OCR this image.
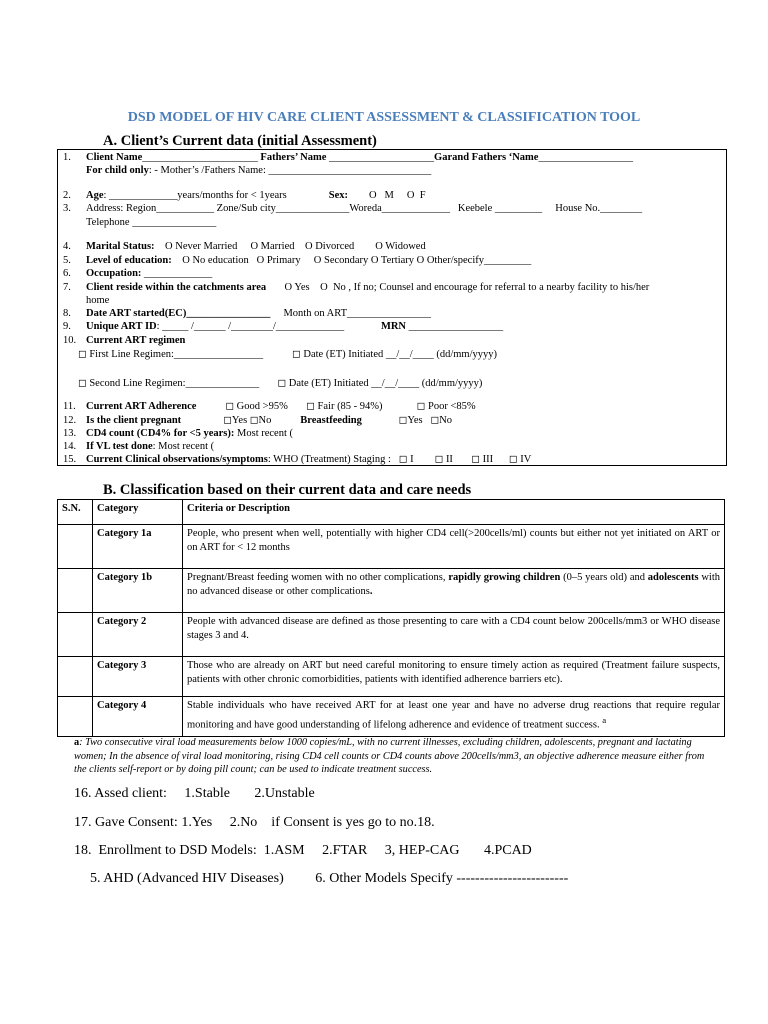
DSD MODEL OF HIV CARE CLIENT ASSESSMENT & CLASSIFICATION TOOL
A. Client’s Current data (initial Assessment)
1. Client Name______________________ Fathers’ Name ____________________Garand Fathers ‘Name__________________
For child only: - Mother’s /Fathers Name: _______________________________
2. Age: _____________years/months for < 1years                Sex:        O   M     O  F
3. Address: Region___________ Zone/Sub city______________Woreda_____________   Keebele _________     House No.________
Telephone ________________
4. Marital Status:    O Never Married     O Married    O Divorced        O Widowed
5. Level of education:    O No education   O Primary     O Secondary O Tertiary O Other/specify_________
6. Occupation: _____________
7. Client reside within the catchments area       O Yes    O  No , If no; Counsel and encourage for referral to a nearby facility to his/her
home
8. Date ART started(EC)________________     Month on ART________________
9. Unique ART ID: _____ /______ /________/_____________              MRN __________________
10. Current ART regimen
◻ First Line Regimen:_________________           ◻ Date (ET) Initiated __/__/____ (dd/mm/yyyy)
◻ Second Line Regimen:______________       ◻ Date (ET) Initiated __/__/____ (dd/mm/yyyy)
11. Current ART Adherence           ◻ Good >95%       ◻ Fair (85 - 94%)             ◻ Poor <85%
12. Is the client pregnant                ◻Yes ◻No           Breastfeeding              ◻Yes   ◻No
13. CD4 count (CD4% for <5 years): Most recent (
14. If VL test done: Most recent (
15. Current Clinical observations/symptoms: WHO (Treatment) Staging :   ◻ I        ◻ II       ◻ III      ◻ IV
B. Classification based on their current data and care needs
S.N.	Category	Criteria or Description
	Category 1a	People, who present when well, potentially with higher CD4 cell(>200cells/ml) counts but either not yet initiated on ART or on ART for < 12 months
	Category 1b	Pregnant/Breast feeding women with no other complications, rapidly growing children (0–5 years old) and adolescents with no advanced disease or other complications.
	Category 2	People with advanced disease are defined as those presenting to care with a CD4 count below 200cells/mm3 or WHO disease stages 3 and 4.
	Category 3	Those who are already on ART but need careful monitoring to ensure timely action as required (Treatment failure suspects, patients with other chronic comorbidities, patients with identified adherence barriers etc).
	Category 4	Stable individuals who have received ART for at least one year and have no adverse drug reactions that require regular monitoring and have good understanding of lifelong adherence and evidence of treatment success. $^a$
a: Two consecutive viral load measurements below 1000 copies/mL, with no current illnesses, excluding children, adolescents, pregnant and lactating women; In the absence of viral load monitoring, rising CD4 cell counts or CD4 counts above 200cells/mm3, an objective adherence measure either from the clients self-report or by doing pill count; can be used to indicate treatment success.
16. Assed client:     1.Stable       2.Unstable
17. Gave Consent: 1.Yes     2.No    if Consent is yes go to no.18.
18.  Enrollment to DSD Models:  1.ASM     2.FTAR     3, HEP-CAG       4.PCAD
5. AHD (Advanced HIV Diseases)         6. Other Models Specify ------------------------
